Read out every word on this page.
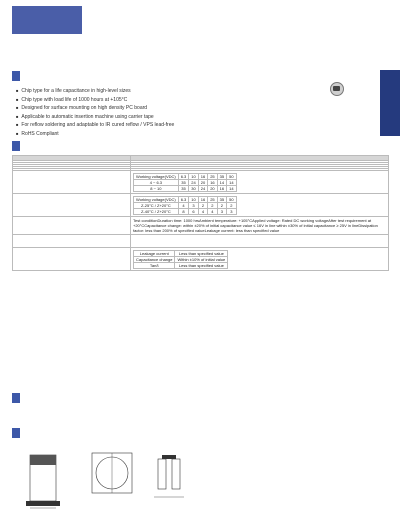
■ Chip type for a life capacitance in high-level sizes
■ Chip type with load life of 1000 hours at +105°C
■ Designed for surface mounting on high density PC board
■ Applicable to automatic insertion machine using carrier tape
■ For reflow soldering and adaptable to IR cured reflow / VPS lead-free
■ RoHS Compliant

Working voltage(VDC)	6.3	10	16	25	35	50
4 ~ 6.3	35	24	20	16	14	14
8 ~ 10	35	30	24	20	16	14

Working voltage(VDC)	6.3	10	16	25	35	50
Z-25°C / Z+20°C	4	3	2	2	2	2
Z-40°C / Z+20°C	8	6	4	4	3	3

	Test conditionDuration time: 1000 hrsAmbient temperature: +105°CApplied voltage: Rated DC working voltageAfter test requirement at +20°CCapacitance change: within ±20% of initial capacitance value ≤ 16V in line within ±30% of initial capacitance ≥ 25V in lineDissipation factor: less than 200% of specified valueLeakage current: less than specified value

Leakage current	Less than specified value
Capacitance change	Within ±10% of initial value
Tanδ	Less than specified value
